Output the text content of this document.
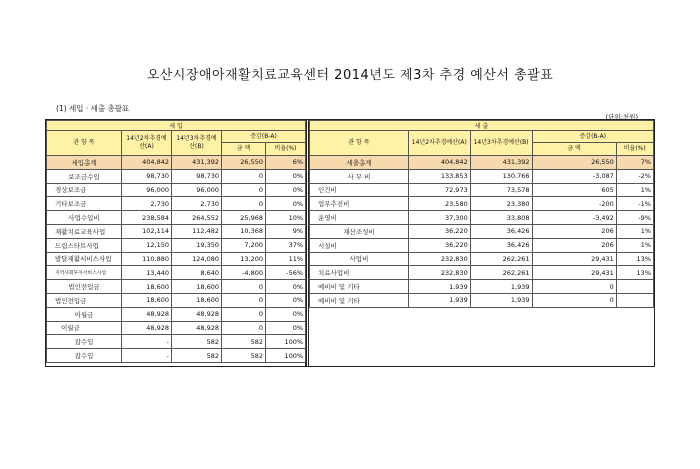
오산시장애아재활치료교육센터 2014년도 제3차 추경 예산서 총괄표
(1) 세입 · 세출 총괄표
(단위:천원)
세 입				
관 항 목	14년2차추경예산(A)	14년3차추경예산(B)	증감(B-A)
금 액 비율(%)	

세입총계	404,842	431,392	26,550	6%
보조금수입	98,730	98,730	0	0%
경상보조금	96,000	96,000	0	0%
기타보조금	2,730	2,730	0	0%
사업수입비	238,584	264,552	25,968	10%
재활치료교육사업	102,114	112,482	10,368	9%
드림스타트사업	12,150	19,350	7,200	37%
발달재활서비스사업	110,880	124,080	13,200	11%
지역사회투자서비스사업	13,440	8,640	-4,800	-56%
법인전입금	18,600	18,600	0	0%
법인전입금	18,600	18,600	0	0%
이월금	48,928	48,928	0	0%
이월금	48,928	48,928	0	0%
잡수입	-	582	582	100%
잡수입	-	582	582	100%
세 출				
관 항 목	14년2차추경예산(A)	14년3차추경예산(B)	증감(B-A)
금 액 비율(%)	

세출총계	404,842	431,392	26,550	7%
사 무 비	133,853	130,766	-3,087	-2%
인건비	72,973	73,578	605	1%
업무추진비	23,580	23,380	-200	-1%
운영비	37,300	33,808	-3,492	-9%
재산조성비	36,220	36,426	206	1%
시설비	36,220	36,426	206	1%
사업비	232,830	262,261	29,431	13%
치료사업비	232,830	262,261	29,431	13%
예비비 및 기타	1,939	1,939	0	
예비비 및 기타	1,939	1,939	0	
